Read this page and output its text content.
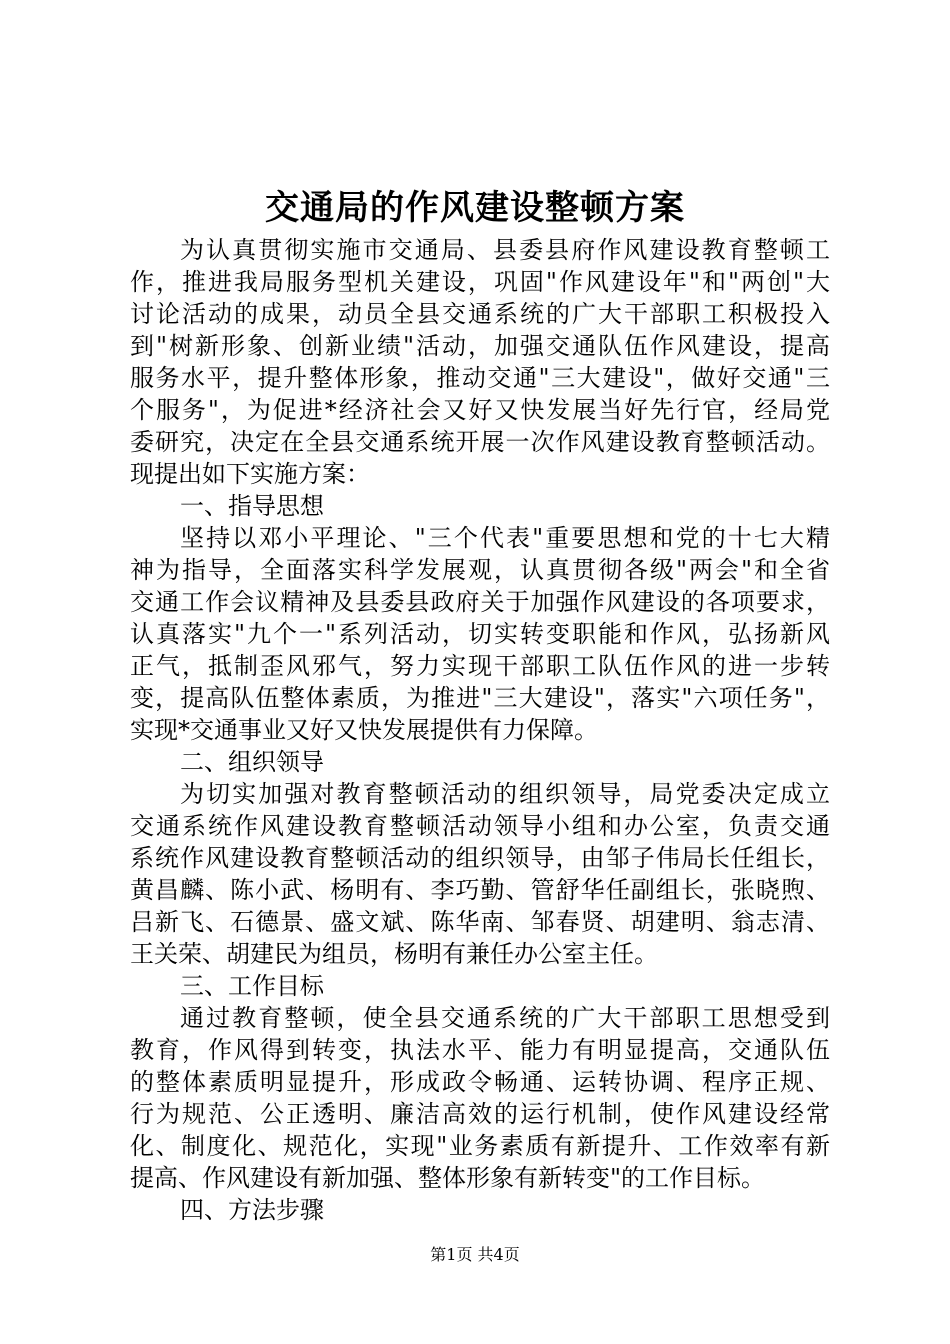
交通局的作风建设整顿方案
为认真贯彻实施市交通局、县委县府作风建设教育整顿工
作，推进我局服务型机关建设，巩固"作风建设年"和"两创"大
讨论活动的成果，动员全县交通系统的广大干部职工积极投入
到"树新形象、创新业绩"活动，加强交通队伍作风建设，提高
服务水平，提升整体形象，推动交通"三大建设"，做好交通"三
个服务"，为促进*经济社会又好又快发展当好先行官，经局党
委研究，决定在全县交通系统开展一次作风建设教育整顿活动。
现提出如下实施方案：
一、指导思想
坚持以邓小平理论、"三个代表"重要思想和党的十七大精
神为指导，全面落实科学发展观，认真贯彻各级"两会"和全省
交通工作会议精神及县委县政府关于加强作风建设的各项要求，
认真落实"九个一"系列活动，切实转变职能和作风，弘扬新风
正气，抵制歪风邪气，努力实现干部职工队伍作风的进一步转
变，提高队伍整体素质，为推进"三大建设"，落实"六项任务"，
实现*交通事业又好又快发展提供有力保障。
二、组织领导
为切实加强对教育整顿活动的组织领导，局党委决定成立
交通系统作风建设教育整顿活动领导小组和办公室，负责交通
系统作风建设教育整顿活动的组织领导，由邹子伟局长任组长，
黄昌麟、陈小武、杨明有、李巧勤、管舒华任副组长，张晓煦、
吕新飞、石德景、盛文斌、陈华南、邹春贤、胡建明、翁志清、
王关荣、胡建民为组员，杨明有兼任办公室主任。
三、工作目标
通过教育整顿，使全县交通系统的广大干部职工思想受到
教育，作风得到转变，执法水平、能力有明显提高，交通队伍
的整体素质明显提升，形成政令畅通、运转协调、程序正规、
行为规范、公正透明、廉洁高效的运行机制，使作风建设经常
化、制度化、规范化，实现"业务素质有新提升、工作效率有新
提高、作风建设有新加强、整体形象有新转变"的工作目标。
四、方法步骤
第1页 共4页
